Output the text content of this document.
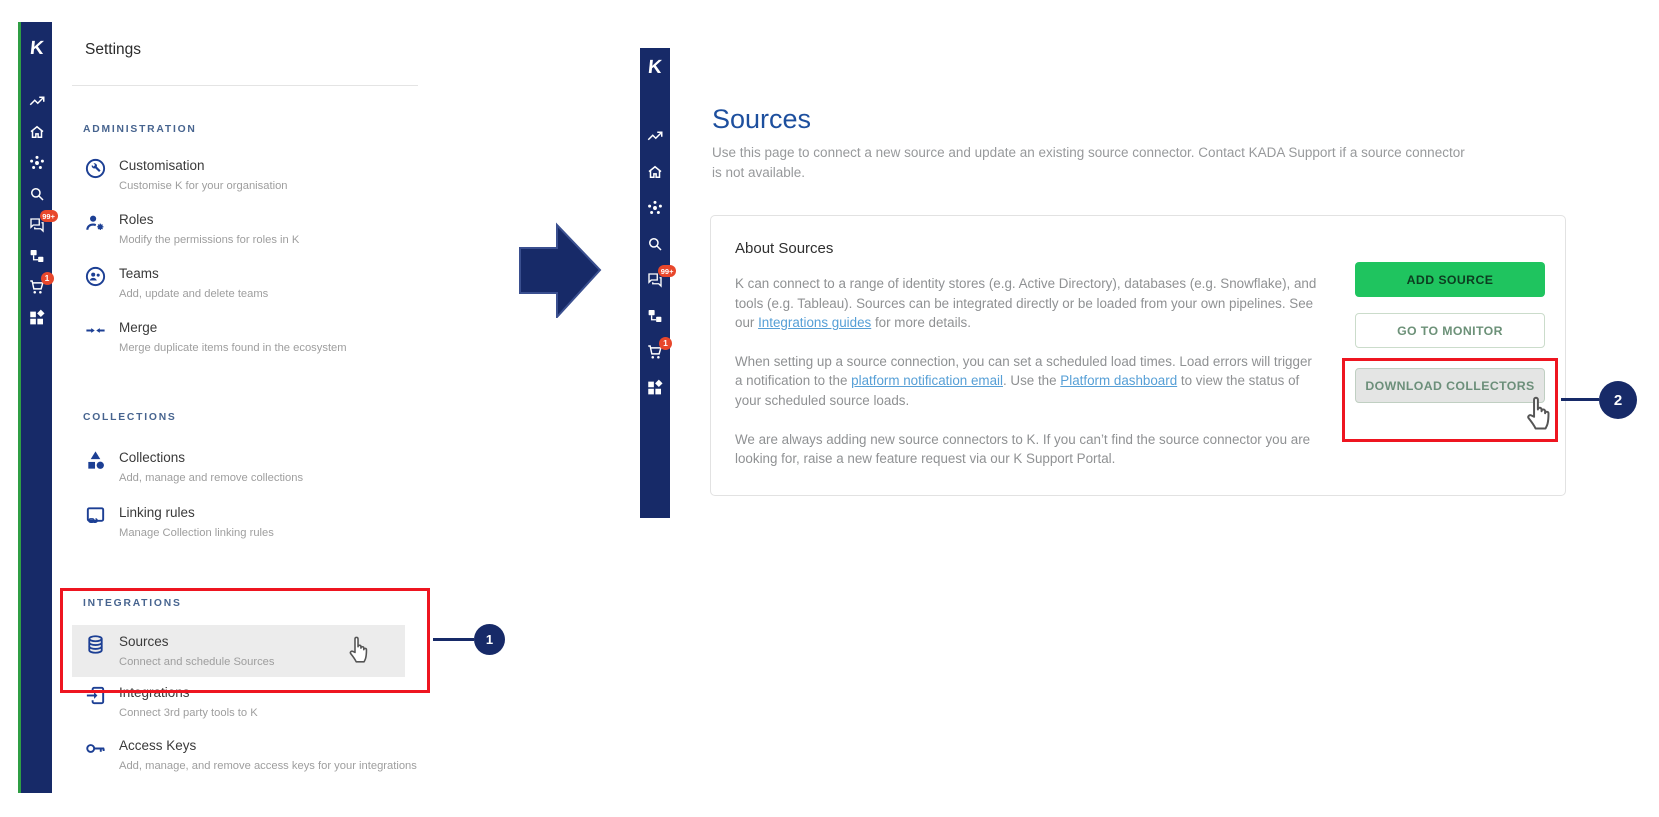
K
99+
1
Settings
ADMINISTRATION
Customisation
Customise K for your organisation
Roles
Modify the permissions for roles in K
Teams
Add, update and delete teams
Merge
Merge duplicate items found in the ecosystem
COLLECTIONS
Collections
Add, manage and remove collections
Linking rules
Manage Collection linking rules
INTEGRATIONS
Sources
Connect and schedule Sources
Integrations
Connect 3rd party tools to K
Access Keys
Add, manage, and remove access keys for your integrations
1
K
99+
1
Sources
Use this page to connect a new source and update an existing source connector. Contact KADA Support if a source connector is not available.
About Sources

K can connect to a range of identity stores (e.g. Active Directory), databases (e.g. Snowflake), and tools (e.g. Tableau). Sources can be integrated directly or be loaded from your own pipelines. See our Integrations guides for more details.

When setting up a source connection, you can set a scheduled load times. Load errors will trigger a notification to the platform notification email. Use the Platform dashboard to view the status of your scheduled source loads.

We are always adding new source connectors to K. If you can’t find the source connector you are looking for, raise a new feature request via our K Support Portal.

ADD SOURCE
GO TO MONITOR
DOWNLOAD COLLECTORS
2
